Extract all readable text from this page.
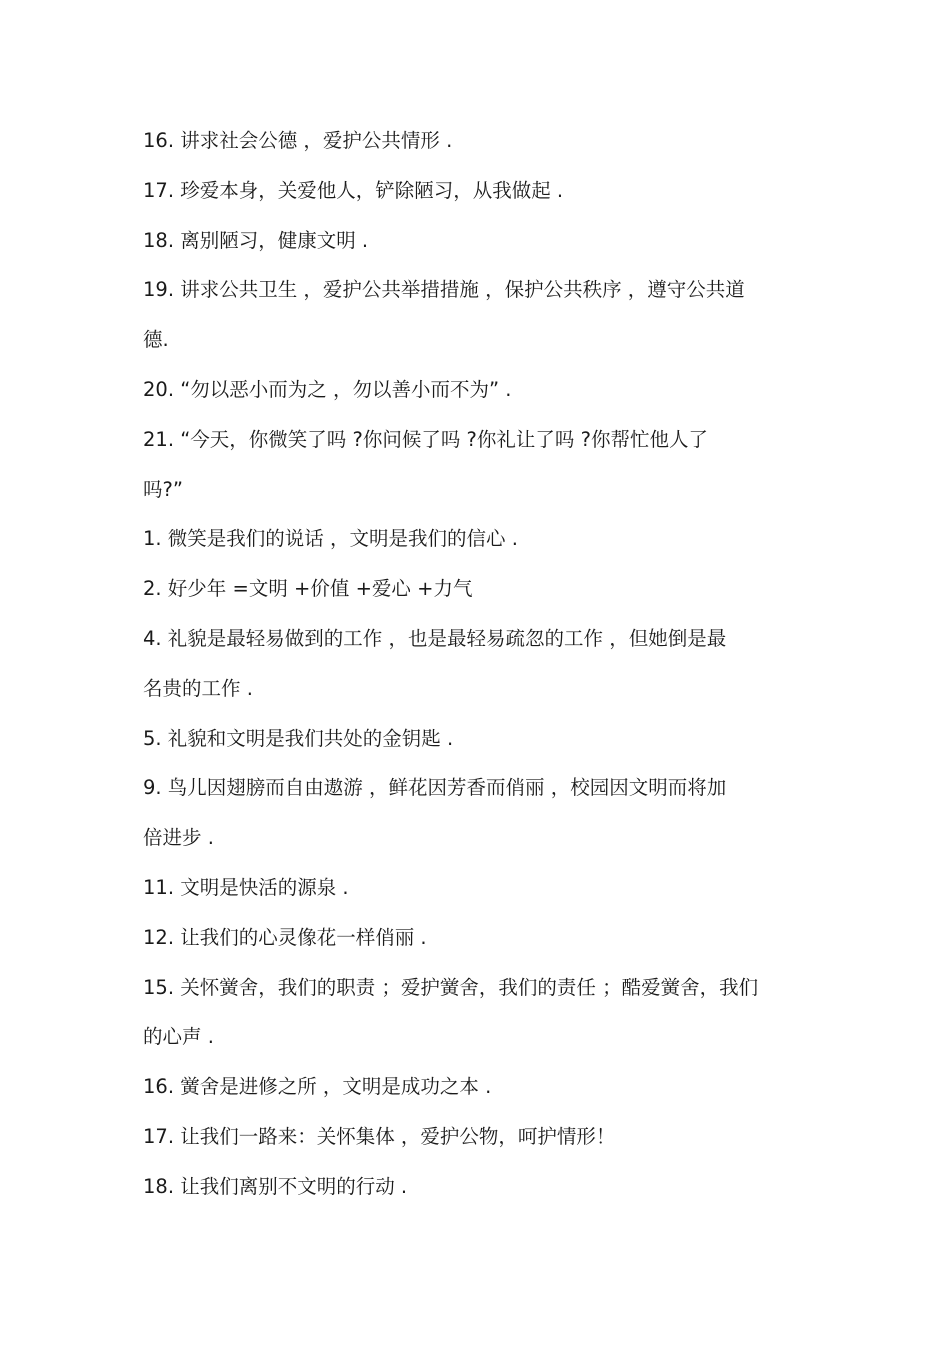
16. 讲求社会公德 ，爱护公共情形 .

17. 珍爱本身，关爱他人，铲除陋习，从我做起 .

18. 离别陋习，健康文明 .

19. 讲求公共卫生 ，爱护公共举措措施 ，保护公共秩序 ，遵守公共道

德.

20. “勿以恶小而为之 ，勿以善小而不为” .

21. “今天，你微笑了吗 ?你问候了吗 ?你礼让了吗 ?你帮忙他人了

吗?”

1. 微笑是我们的说话 ，文明是我们的信心 .

2. 好少年 =文明 +价值 +爱心 +力气

4. 礼貌是最轻易做到的工作 ，也是最轻易疏忽的工作 ，但她倒是最

名贵的工作 .

5. 礼貌和文明是我们共处的金钥匙 .

9. 鸟儿因翅膀而自由遨游 ，鲜花因芳香而俏丽 ，校园因文明而将加

倍进步 .

11. 文明是快活的源泉 .

12. 让我们的心灵像花一样俏丽 .

15. 关怀黉舍，我们的职责 ；爱护黉舍，我们的责任 ；酷爱黉舍，我们

的心声 .

16. 黉舍是进修之所 ，文明是成功之本 .

17. 让我们一路来：关怀集体 ，爱护公物，呵护情形！

18. 让我们离别不文明的行动 .
